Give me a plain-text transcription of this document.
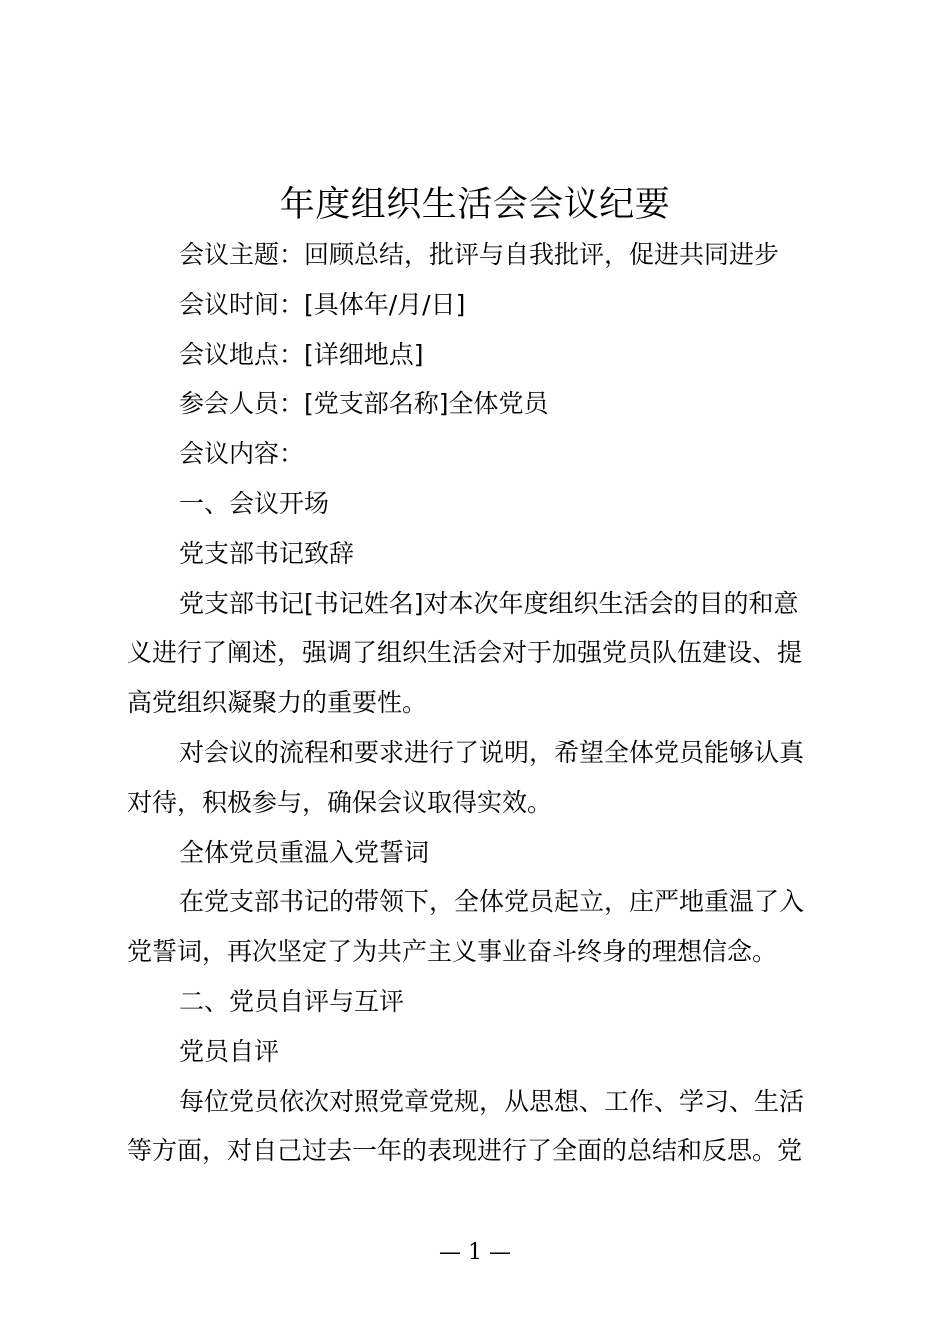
年度组织生活会会议纪要
会议主题：回顾总结，批评与自我批评，促进共同进步
会议时间：[具体年/月/日]
会议地点：[详细地点]
参会人员：[党支部名称]全体党员
会议内容：
一、会议开场
党支部书记致辞
党支部书记[书记姓名]对本次年度组织生活会的目的和意
义进行了阐述，强调了组织生活会对于加强党员队伍建设、提
高党组织凝聚力的重要性。
对会议的流程和要求进行了说明，希望全体党员能够认真
对待，积极参与，确保会议取得实效。
全体党员重温入党誓词
在党支部书记的带领下，全体党员起立，庄严地重温了入
党誓词，再次坚定了为共产主义事业奋斗终身的理想信念。
二、党员自评与互评
党员自评
每位党员依次对照党章党规，从思想、工作、学习、生活
等方面，对自己过去一年的表现进行了全面的总结和反思。党
— 1 —
